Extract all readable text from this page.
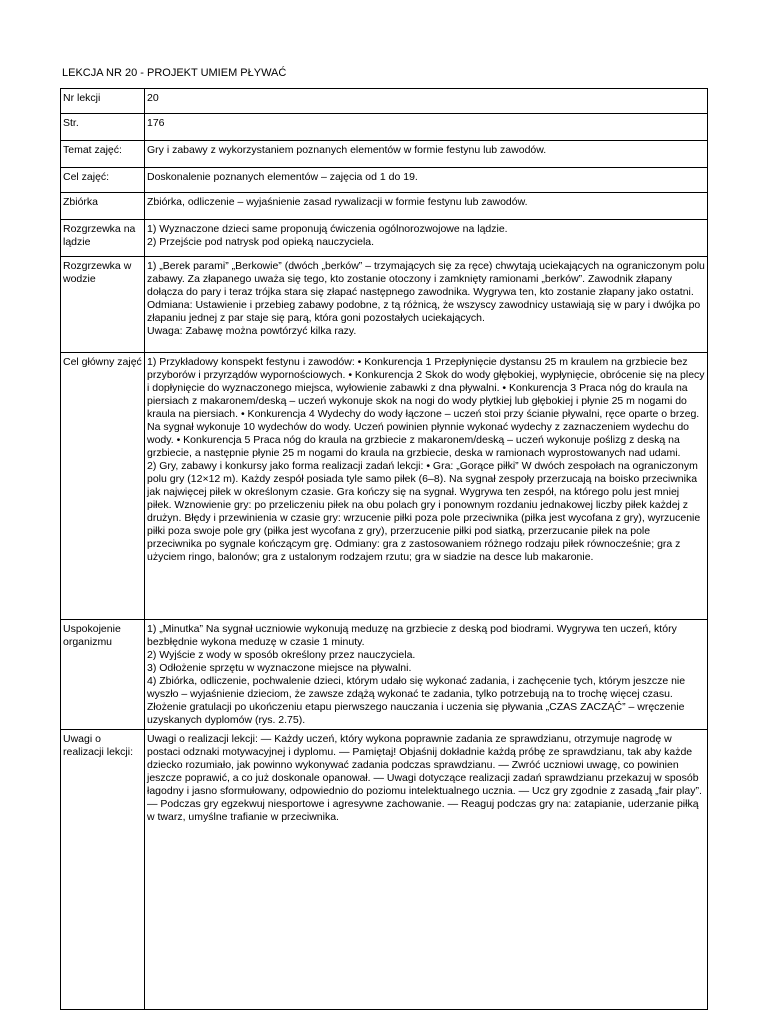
LEKCJA NR 20 - PROJEKT UMIEM PŁYWAĆ
Nr lekcji	20
Str.	176
Temat zajęć:	Gry i zabawy z wykorzystaniem poznanych elementów w formie festynu lub zawodów.
Cel zajęć:	Doskonalenie poznanych elementów – zajęcia od 1 do 19.
Zbiórka	Zbiórka, odliczenie – wyjaśnienie zasad rywalizacji w formie festynu lub zawodów.
Rozgrzewka na lądzie	1) Wyznaczone dzieci same proponują ćwiczenia ogólnorozwojowe na lądzie.
2) Przejście pod natrysk pod opieką nauczyciela.
Rozgrzewka w wodzie	1) „Berek parami” „Berkowie” (dwóch „berków” – trzymających się za ręce) chwytają uciekających na ograniczonym polu zabawy. Za złapanego uważa się tego, kto zostanie otoczony i zamknięty ramionami „berków”. Zawodnik złapany dołącza do pary i teraz trójka stara się złapać następnego zawodnika. Wygrywa ten, kto zostanie złapany jako ostatni.
Odmiana: Ustawienie i przebieg zabawy podobne, z tą różnicą, że wszyscy zawodnicy ustawiają się w pary i dwójka po złapaniu jednej z par staje się parą, która goni pozostałych uciekających.
Uwaga: Zabawę można powtórzyć kilka razy.
Cel główny zajęć	1) Przykładowy konspekt festynu i zawodów: • Konkurencja 1 Przepłynięcie dystansu 25 m kraulem na grzbiecie bez przyborów i przyrządów wypornościowych. • Konkurencja 2 Skok do wody głębokiej, wypłynięcie, obrócenie się na plecy i dopłynięcie do wyznaczonego miejsca, wyłowienie zabawki z dna pływalni. • Konkurencja 3 Praca nóg do kraula na piersiach z makaronem/deską – uczeń wykonuje skok na nogi do wody płytkiej lub głębokiej i płynie 25 m nogami do kraula na piersiach. • Konkurencja 4 Wydechy do wody łączone – uczeń stoi przy ścianie pływalni, ręce oparte o brzeg. Na sygnał wykonuje 10 wydechów do wody. Uczeń powinien płynnie wykonać wydechy z zaznaczeniem wydechu do wody. • Konkurencja 5 Praca nóg do kraula na grzbiecie z makaronem/deską – uczeń wykonuje poślizg z deską na grzbiecie, a następnie płynie 25 m nogami do kraula na grzbiecie, deska w ramionach wyprostowanych nad udami.
2) Gry, zabawy i konkursy jako forma realizacji zadań lekcji: • Gra: „Gorące piłki” W dwóch zespołach na ograniczonym polu gry (12×12 m). Każdy zespół posiada tyle samo piłek (6–8). Na sygnał zespoły przerzucają na boisko przeciwnika jak najwięcej piłek w określonym czasie. Gra kończy się na sygnał. Wygrywa ten zespół, na którego polu jest mniej piłek. Wznowienie gry: po przeliczeniu piłek na obu polach gry i ponownym rozdaniu jednakowej liczby piłek każdej z drużyn. Błędy i przewinienia w czasie gry: wrzucenie piłki poza pole przeciwnika (piłka jest wycofana z gry), wyrzucenie piłki poza swoje pole gry (piłka jest wycofana z gry), przerzucenie piłki pod siatką, przerzucanie piłek na pole przeciwnika po sygnale kończącym grę. Odmiany: gra z zastosowaniem różnego rodzaju piłek równocześnie; gra z użyciem ringo, balonów; gra z ustalonym rodzajem rzutu; gra w siadzie na desce lub makaronie.
Uspokojenie organizmu	1) „Minutka” Na sygnał uczniowie wykonują meduzę na grzbiecie z deską pod biodrami. Wygrywa ten uczeń, który bezbłędnie wykona meduzę w czasie 1 minuty.
2) Wyjście z wody w sposób określony przez nauczyciela.
3) Odłożenie sprzętu w wyznaczone miejsce na pływalni.
4) Zbiórka, odliczenie, pochwalenie dzieci, którym udało się wykonać zadania, i zachęcenie tych, którym jeszcze nie wyszło – wyjaśnienie dzieciom, że zawsze zdążą wykonać te zadania, tylko potrzebują na to trochę więcej czasu. Złożenie gratulacji po ukończeniu etapu pierwszego nauczania i uczenia się pływania „CZAS ZACZĄĆ” – wręczenie uzyskanych dyplomów (rys. 2.75).
Uwagi o realizacji lekcji:	Uwagi o realizacji lekcji: — Każdy uczeń, który wykona poprawnie zadania ze sprawdzianu, otrzymuje nagrodę w postaci odznaki motywacyjnej i dyplomu. — Pamiętaj! Objaśnij dokładnie każdą próbę ze sprawdzianu, tak aby każde dziecko rozumiało, jak powinno wykonywać zadania podczas sprawdzianu. — Zwróć uczniowi uwagę, co powinien jeszcze poprawić, a co już doskonale opanował. — Uwagi dotyczące realizacji zadań sprawdzianu przekazuj w sposób łagodny i jasno sformułowany, odpowiednio do poziomu intelektualnego ucznia. — Ucz gry zgodnie z zasadą „fair play”. — Podczas gry egzekwuj niesportowe i agresywne zachowanie. — Reaguj podczas gry na: zatapianie, uderzanie piłką w twarz, umyślne trafianie w przeciwnika.
